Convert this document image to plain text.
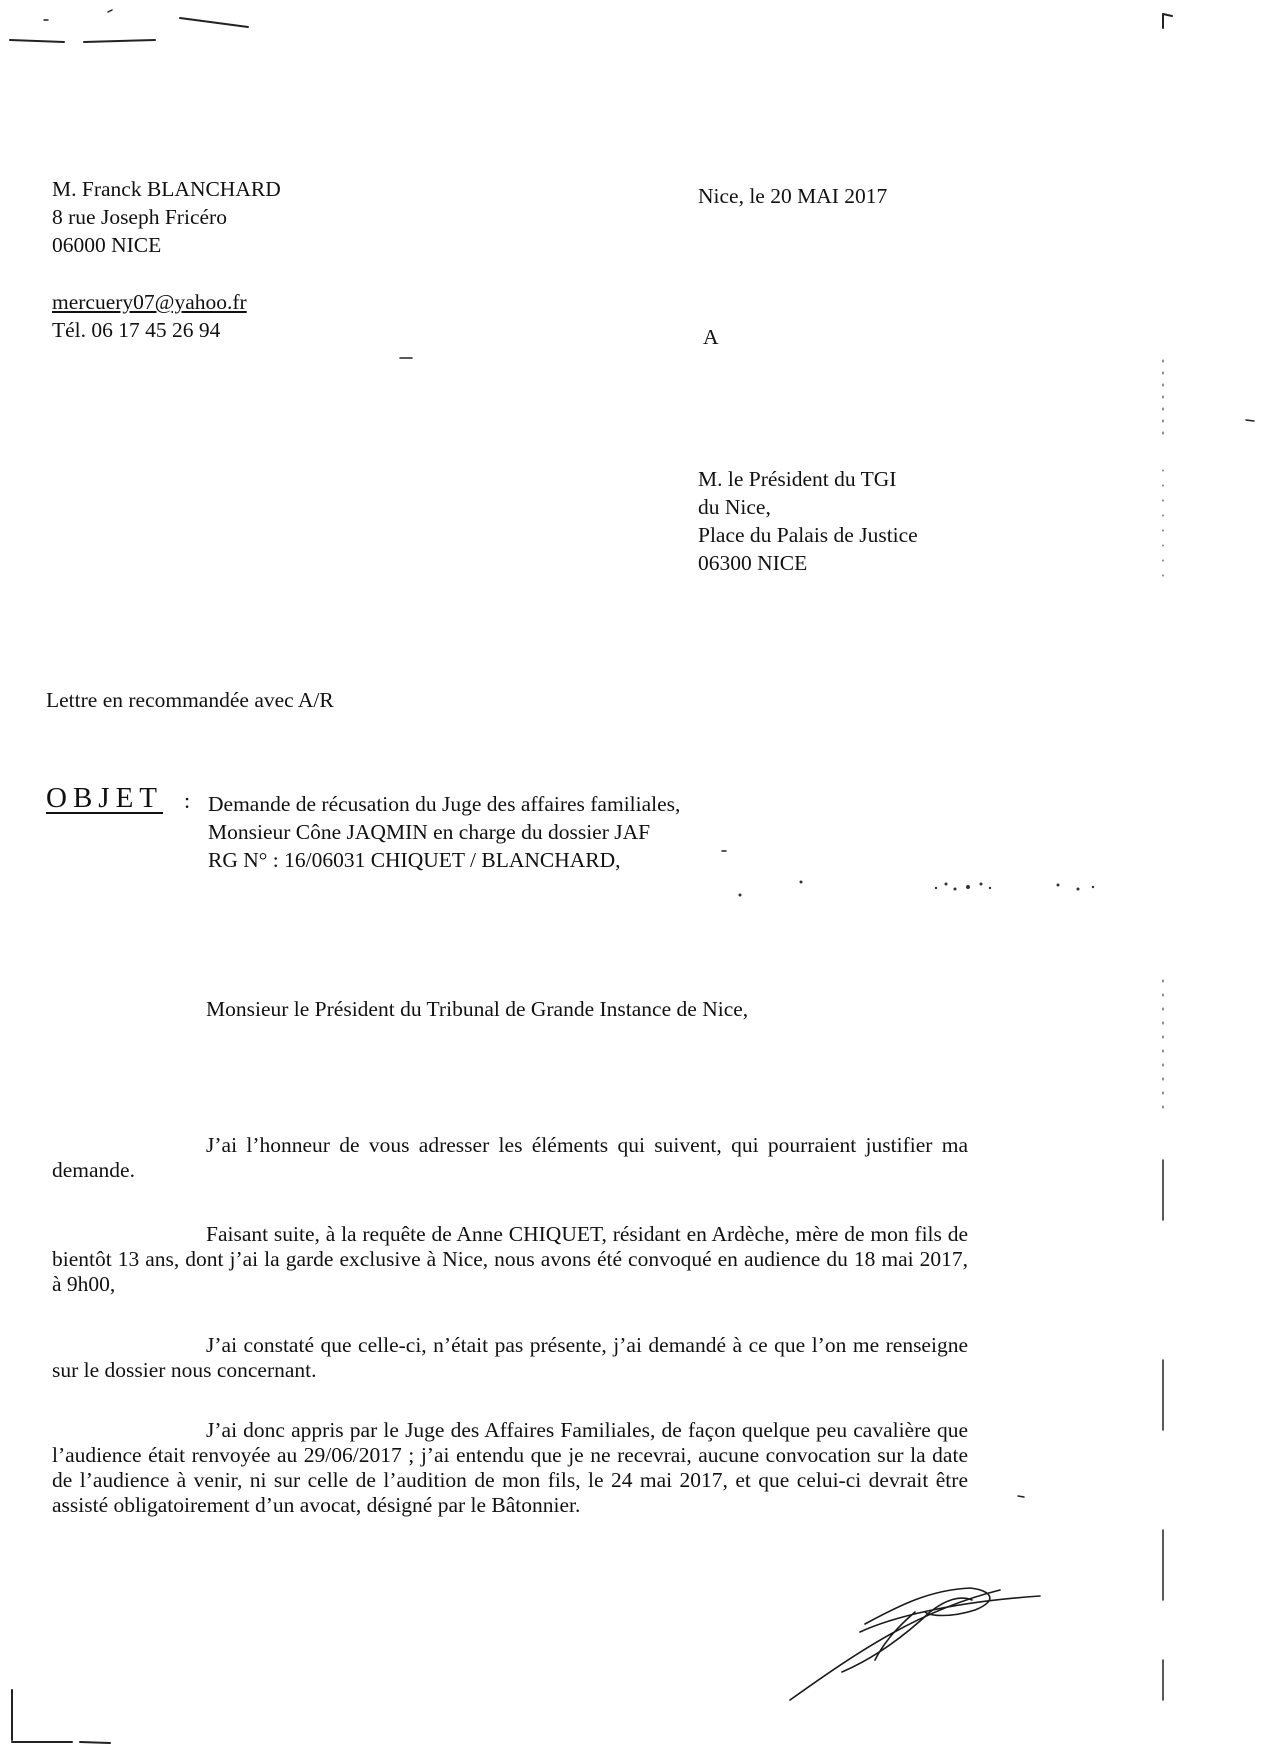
M. Franck BLANCHARD
8 rue Joseph Fricéro
06000 NICE
mercuery07@yahoo.fr
Tél. 06 17 45 26 94
Nice, le 20 MAI 2017
A
M. le Président du TGI
du Nice,
Place du Palais de Justice
06300 NICE
Lettre en recommandée avec A/R
OBJET : Demande de récusation du Juge des affaires familiales,
Monsieur Cône JAQMIN en charge du dossier JAF
RG N° : 16/06031 CHIQUET / BLANCHARD,
Monsieur le Président du Tribunal de Grande Instance de Nice,

J’ai l’honneur de vous adresser les éléments qui suivent, qui pourraient justifier ma demande.

Faisant suite, à la requête de Anne CHIQUET, résidant en Ardèche, mère de mon fils de bientôt 13 ans, dont j’ai la garde exclusive à Nice, nous avons été convoqué en audience du 18 mai 2017, à 9h00,

J’ai constaté que celle-ci, n’était pas présente, j’ai demandé à ce que l’on me renseigne sur le dossier nous concernant.

J’ai donc appris par le Juge des Affaires Familiales, de façon quelque peu cavalière que l’audience était renvoyée au 29/06/2017 ; j’ai entendu que je ne recevrai, aucune convocation sur la date de l’audience à venir, ni sur celle de l’audition de mon fils, le 24 mai 2017, et que celui-ci devrait être assisté obligatoirement d’un avocat, désigné par le Bâtonnier.
